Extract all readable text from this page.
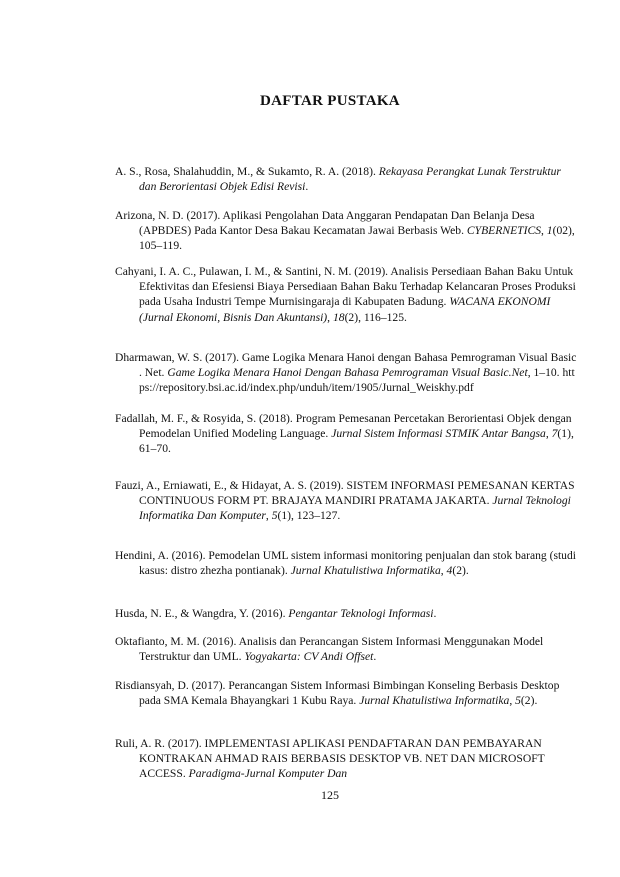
DAFTAR PUSTAKA

A. S., Rosa, Shalahuddin, M., & Sukamto, R. A. (2018). Rekayasa Perangkat Lunak Terstruktur dan Berorientasi Objek Edisi Revisi.

Arizona, N. D. (2017). Aplikasi Pengolahan Data Anggaran Pendapatan Dan Belanja Desa (APBDES) Pada Kantor Desa Bakau Kecamatan Jawai Berbasis Web. CYBERNETICS, 1(02), 105–119.

Cahyani, I. A. C., Pulawan, I. M., & Santini, N. M. (2019). Analisis Persediaan Bahan Baku Untuk Efektivitas dan Efesiensi Biaya Persediaan Bahan Baku Terhadap Kelancaran Proses Produksi pada Usaha Industri Tempe Murnisingaraja di Kabupaten Badung. WACANA EKONOMI (Jurnal Ekonomi, Bisnis Dan Akuntansi), 18(2), 116–125.

Dharmawan, W. S. (2017). Game Logika Menara Hanoi dengan Bahasa Pemrograman Visual Basic . Net. Game Logika Menara Hanoi Dengan Bahasa Pemrograman Visual Basic.Net, 1–10. https://repository.bsi.ac.id/index.php/unduh/item/1905/Jurnal_Weiskhy.pdf

Fadallah, M. F., & Rosyida, S. (2018). Program Pemesanan Percetakan Berorientasi Objek dengan Pemodelan Unified Modeling Language. Jurnal Sistem Informasi STMIK Antar Bangsa, 7(1), 61–70.

Fauzi, A., Erniawati, E., & Hidayat, A. S. (2019). SISTEM INFORMASI PEMESANAN KERTAS CONTINUOUS FORM PT. BRAJAYA MANDIRI PRATAMA JAKARTA. Jurnal Teknologi Informatika Dan Komputer, 5(1), 123–127.

Hendini, A. (2016). Pemodelan UML sistem informasi monitoring penjualan dan stok barang (studi kasus: distro zhezha pontianak). Jurnal Khatulistiwa Informatika, 4(2).

Husda, N. E., & Wangdra, Y. (2016). Pengantar Teknologi Informasi.

Oktafianto, M. M. (2016). Analisis dan Perancangan Sistem Informasi Menggunakan Model Terstruktur dan UML. Yogyakarta: CV Andi Offset.

Risdiansyah, D. (2017). Perancangan Sistem Informasi Bimbingan Konseling Berbasis Desktop pada SMA Kemala Bhayangkari 1 Kubu Raya. Jurnal Khatulistiwa Informatika, 5(2).

Ruli, A. R. (2017). IMPLEMENTASI APLIKASI PENDAFTARAN DAN PEMBAYARAN KONTRAKAN AHMAD RAIS BERBASIS DESKTOP VB. NET DAN MICROSOFT ACCESS. Paradigma-Jurnal Komputer Dan

125
